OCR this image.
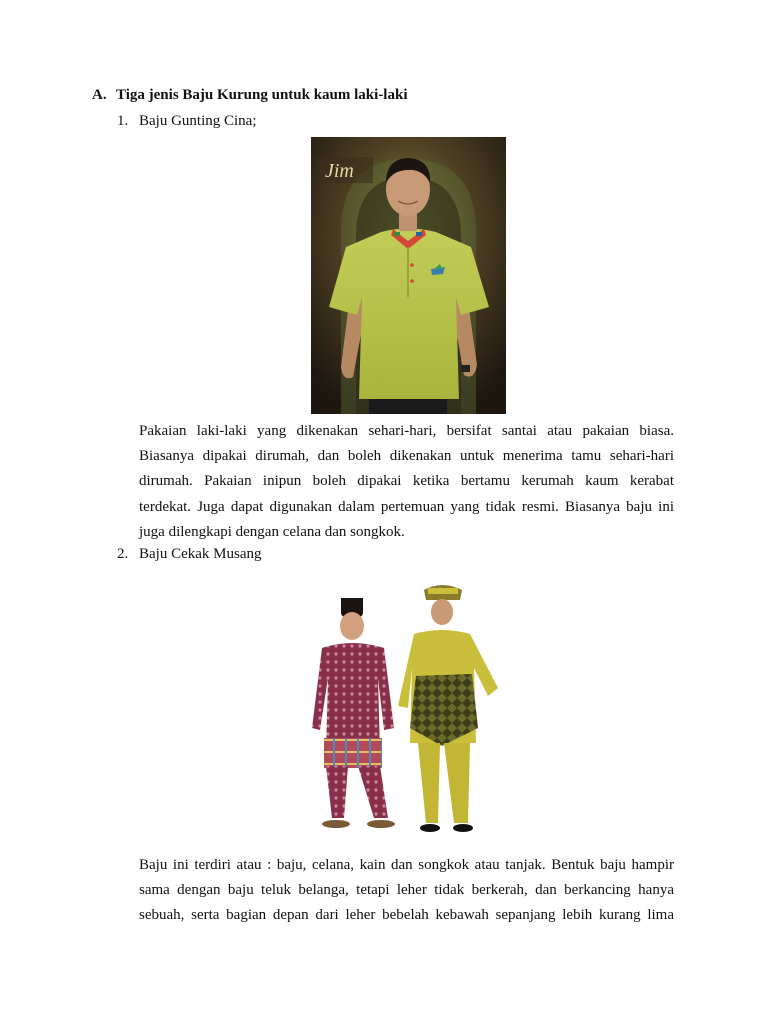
A. Tiga jenis Baju Kurung untuk kaum laki-laki
1. Baju Gunting Cina;
Jim
Pakaian laki-laki yang dikenakan sehari-hari, bersifat santai atau pakaian biasa.
Biasanya dipakai dirumah, dan boleh dikenakan untuk menerima tamu sehari-hari
dirumah. Pakaian inipun boleh dipakai ketika bertamu kerumah kaum kerabat
terdekat. Juga dapat digunakan dalam pertemuan yang tidak resmi. Biasanya baju ini
juga dilengkapi dengan celana dan songkok.
2. Baju Cekak Musang
Baju ini terdiri atau : baju, celana, kain dan songkok atau tanjak. Bentuk baju hampir
sama dengan baju teluk belanga, tetapi leher tidak berkerah, dan berkancing hanya
sebuah, serta bagian depan dari leher bebelah kebawah sepanjang lebih kurang lima
